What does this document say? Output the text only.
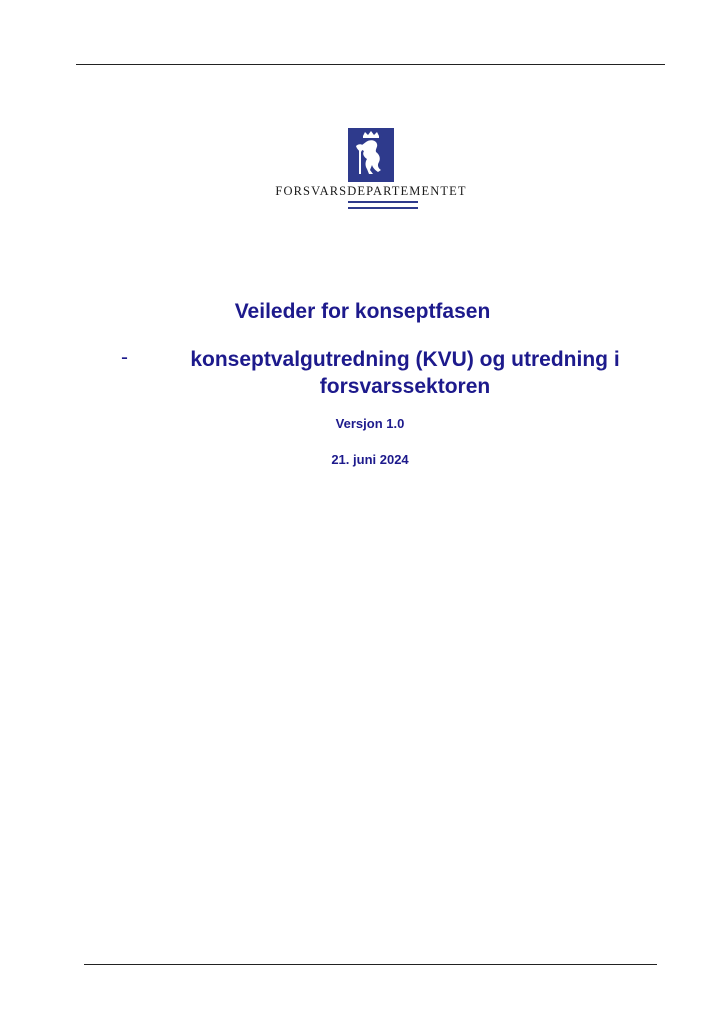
FORSVARSDEPARTEMENTET
Veileder for konseptfasen
-	konseptvalgutredning (KVU) og utredning i forsvarssektoren
Versjon 1.0
21. juni 2024
